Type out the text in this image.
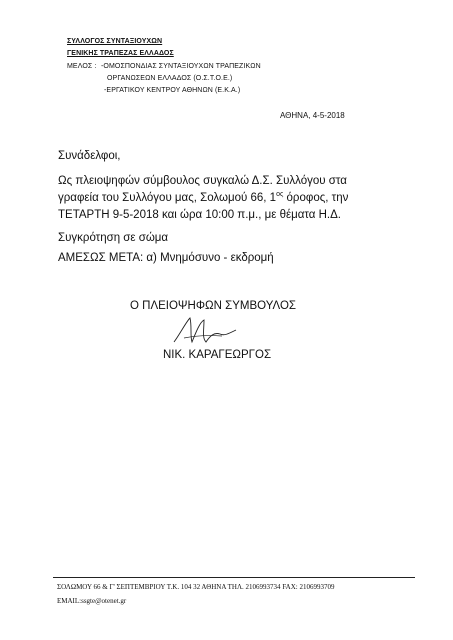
ΣΥΛΛΟΓΟΣ ΣΥΝΤΑΞΙΟΥΧΩΝ
ΓΕΝΙΚΗΣ ΤΡΑΠΕΖΑΣ ΕΛΛΑΔΟΣ
ΜΕΛΟΣ : -ΟΜΟΣΠΟΝΔΙΑΣ ΣΥΝΤΑΞΙΟΥΧΩΝ ΤΡΑΠΕΖΙΚΩΝ
ΟΡΓΑΝΩΣΕΩΝ ΕΛΛΑΔΟΣ (Ο.Σ.Τ.Ο.Ε.)
-ΕΡΓΑΤΙΚΟΥ ΚΕΝΤΡΟΥ ΑΘΗΝΩΝ (Ε.Κ.Α.)
ΑΘΗΝΑ, 4-5-2018
Συνάδελφοι,
Ως πλειοψηφών σύμβουλος συγκαλώ Δ.Σ. Συλλόγου στα
γραφεία του Συλλόγου μας, Σολωμού 66, $1^{o\varsigma}$ όροφος, την
ΤΕΤΑΡΤΗ 9-5-2018 και ώρα 10:00 π.μ., με θέματα Η.Δ.
Συγκρότηση σε σώμα
ΑΜΕΣΩΣ ΜΕΤΑ: α) Μνημόσυνο - εκδρομή
Ο ΠΛΕΙΟΨΗΦΩΝ ΣΥΜΒΟΥΛΟΣ
ΝΙΚ. ΚΑΡΑΓΕΩΡΓΟΣ
ΣΟΛΩΜΟΥ 66 & Γ' ΣΕΠΤΕΜΒΡΙΟΥ Τ.Κ. 104 32 ΑΘΗΝΑ ΤΗΛ. 2106993734 FAX: 2106993709
EMAIL:ssgte@otenet.gr
